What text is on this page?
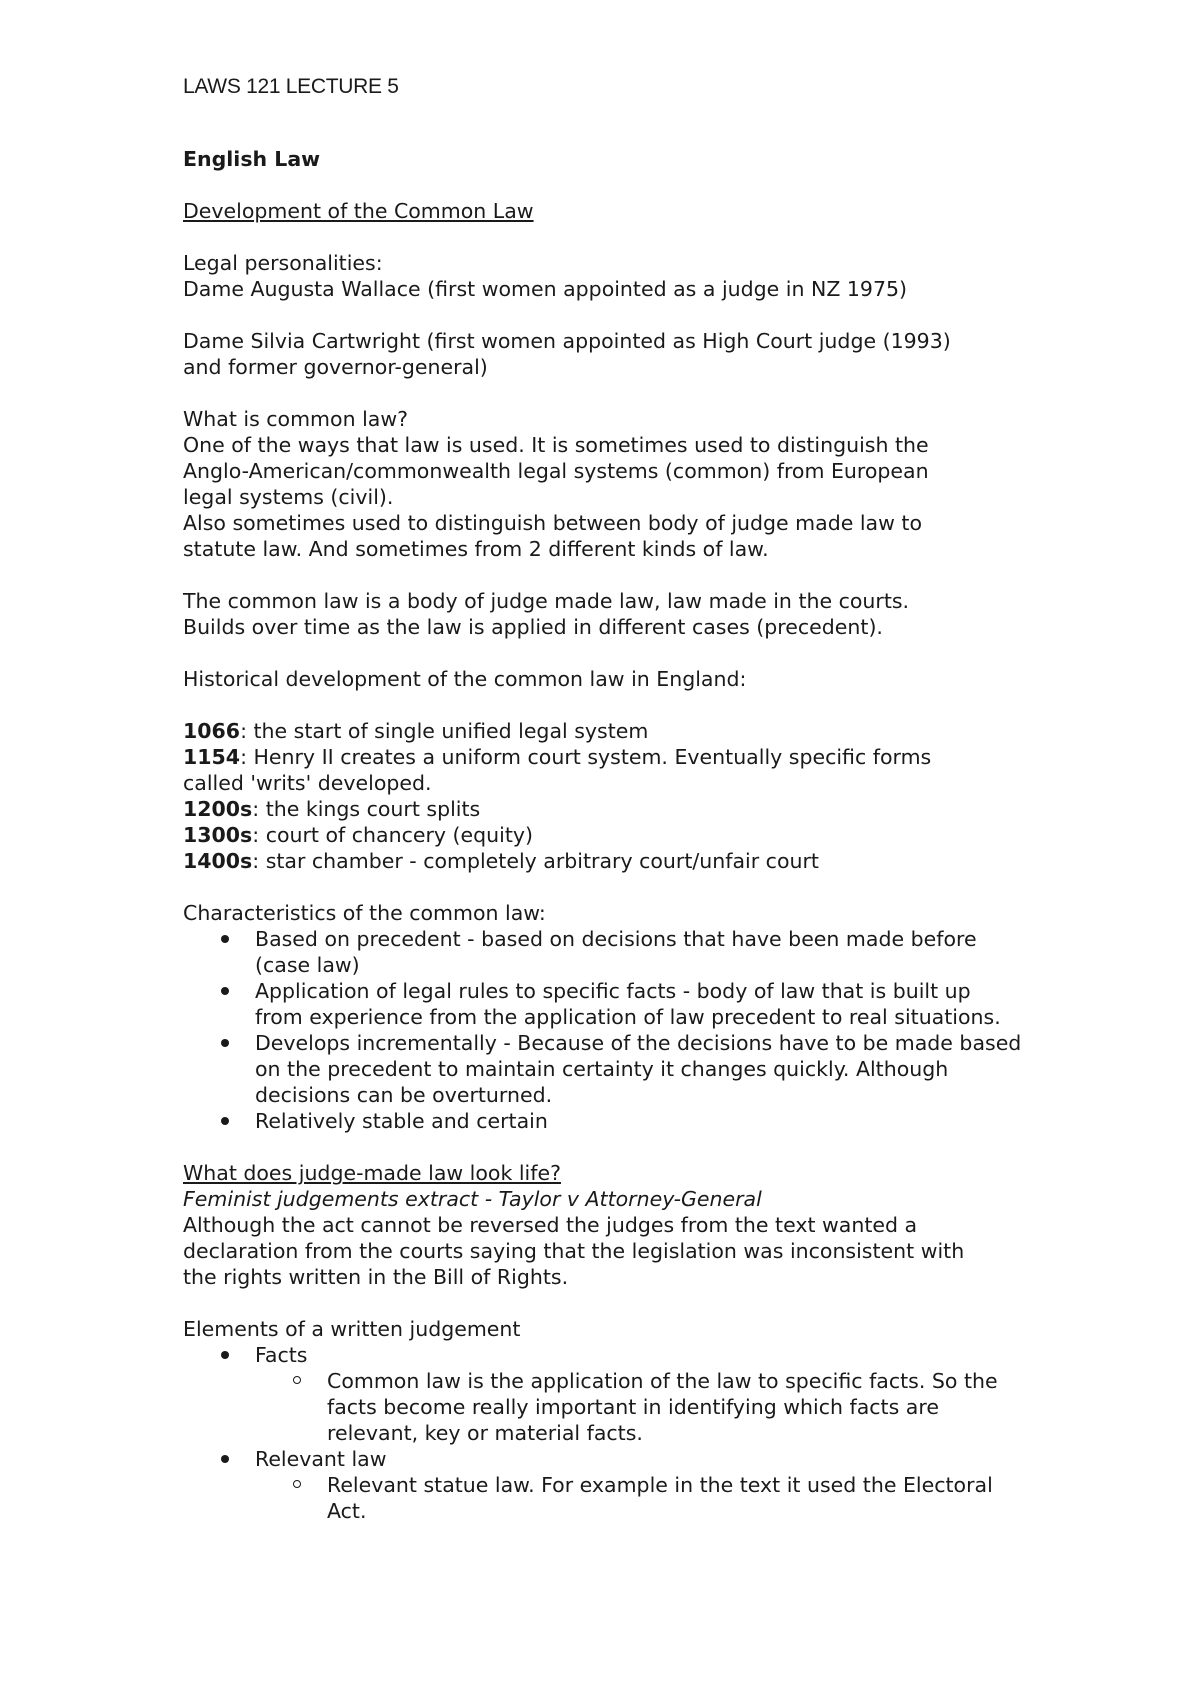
LAWS 121 LECTURE 5
English Law

Development of the Common Law

Legal personalities:

Dame Augusta Wallace (first women appointed as a judge in NZ 1975)

Dame Silvia Cartwright (first women appointed as High Court judge (1993) and former governor-general)

What is common law?

One of the ways that law is used. It is sometimes used to distinguish the Anglo-American/commonwealth legal systems (common) from European legal systems (civil).

Also sometimes used to distinguish between body of judge made law to statute law. And sometimes from 2 different kinds of law.

The common law is a body of judge made law, law made in the courts.

Builds over time as the law is applied in different cases (precedent).

Historical development of the common law in England:

1066: the start of single unified legal system

1154: Henry II creates a uniform court system. Eventually specific forms called 'writs' developed.

1200s: the kings court splits

1300s: court of chancery (equity)

1400s: star chamber - completely arbitrary court/unfair court

Characteristics of the common law:

Based on precedent - based on decisions that have been made before (case law)
Application of legal rules to specific facts - body of law that is built up from experience from the application of law precedent to real situations.
Develops incrementally - Because of the decisions have to be made based on the precedent to maintain certainty it changes quickly. Although decisions can be overturned.
Relatively stable and certain

What does judge-made law look life?

Feminist judgements extract - Taylor v Attorney-General

Although the act cannot be reversed the judges from the text wanted a declaration from the courts saying that the legislation was inconsistent with the rights written in the Bill of Rights.

Elements of a written judgement

Facts
Common law is the application of the law to specific facts. So the facts become really important in identifying which facts are relevant, key or material facts.
Relevant law
Relevant statue law. For example in the text it used the Electoral Act.
